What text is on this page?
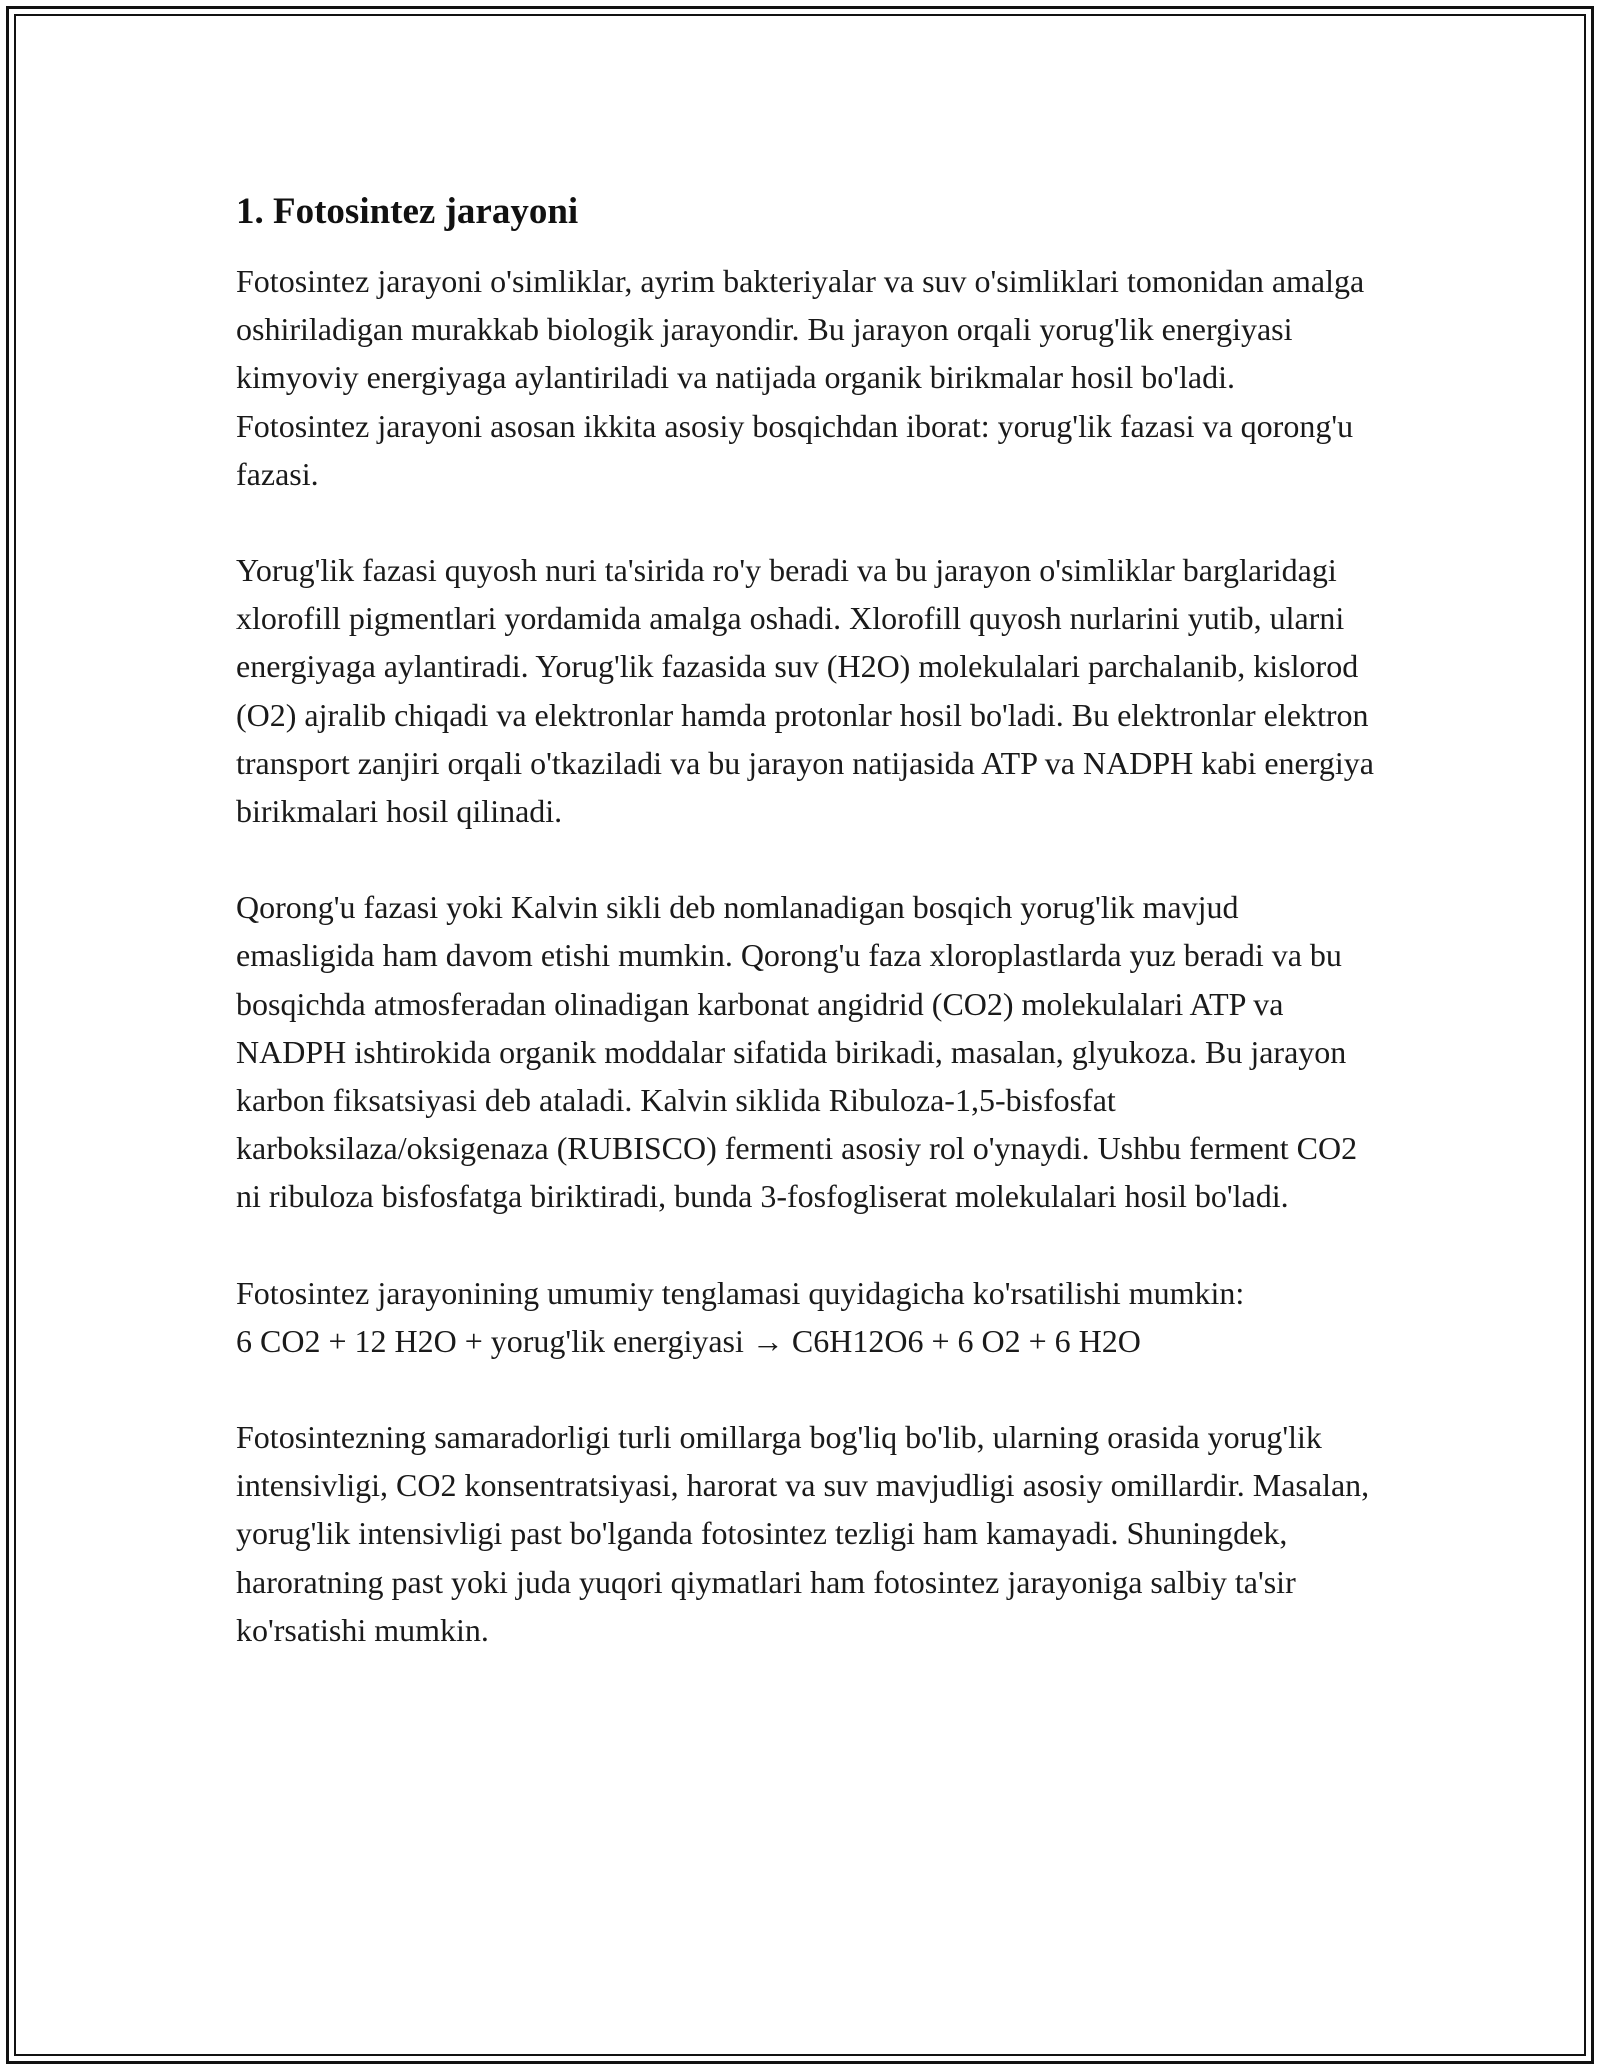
1. Fotosintez jarayoni

Fotosintez jarayoni o'simliklar, ayrim bakteriyalar va suv o'simliklari tomonidan amalga oshiriladigan murakkab biologik jarayondir. Bu jarayon orqali yorug'lik energiyasi kimyoviy energiyaga aylantiriladi va natijada organik birikmalar hosil bo'ladi. Fotosintez jarayoni asosan ikkita asosiy bosqichdan iborat: yorug'lik fazasi va qorong'u fazasi.

Yorug'lik fazasi quyosh nuri ta'sirida ro'y beradi va bu jarayon o'simliklar barglaridagi xlorofill pigmentlari yordamida amalga oshadi. Xlorofill quyosh nurlarini yutib, ularni energiyaga aylantiradi. Yorug'lik fazasida suv (H2O) molekulalari parchalanib, kislorod (O2) ajralib chiqadi va elektronlar hamda protonlar hosil bo'ladi. Bu elektronlar elektron transport zanjiri orqali o'tkaziladi va bu jarayon natijasida ATP va NADPH kabi energiya birikmalari hosil qilinadi.

Qorong'u fazasi yoki Kalvin sikli deb nomlanadigan bosqich yorug'lik mavjud emasligida ham davom etishi mumkin. Qorong'u faza xloroplastlarda yuz beradi va bu bosqichda atmosferadan olinadigan karbonat angidrid (CO2) molekulalari ATP va NADPH ishtirokida organik moddalar sifatida birikadi, masalan, glyukoza. Bu jarayon karbon fiksatsiyasi deb ataladi. Kalvin siklida Ribuloza-1,5-bisfosfat karboksilaza/oksigenaza (RUBISCO) fermenti asosiy rol o'ynaydi. Ushbu ferment CO2 ni ribuloza bisfosfatga biriktiradi, bunda 3-fosfogliserat molekulalari hosil bo'ladi.

Fotosintez jarayonining umumiy tenglamasi quyidagicha ko'rsatilishi mumkin:
6 CO2 + 12 H2O + yorug'lik energiyasi → C6H12O6 + 6 O2 + 6 H2O

Fotosintezning samaradorligi turli omillarga bog'liq bo'lib, ularning orasida yorug'lik intensivligi, CO2 konsentratsiyasi, harorat va suv mavjudligi asosiy omillardir. Masalan, yorug'lik intensivligi past bo'lganda fotosintez tezligi ham kamayadi. Shuningdek, haroratning past yoki juda yuqori qiymatlari ham fotosintez jarayoniga salbiy ta'sir ko'rsatishi mumkin.
